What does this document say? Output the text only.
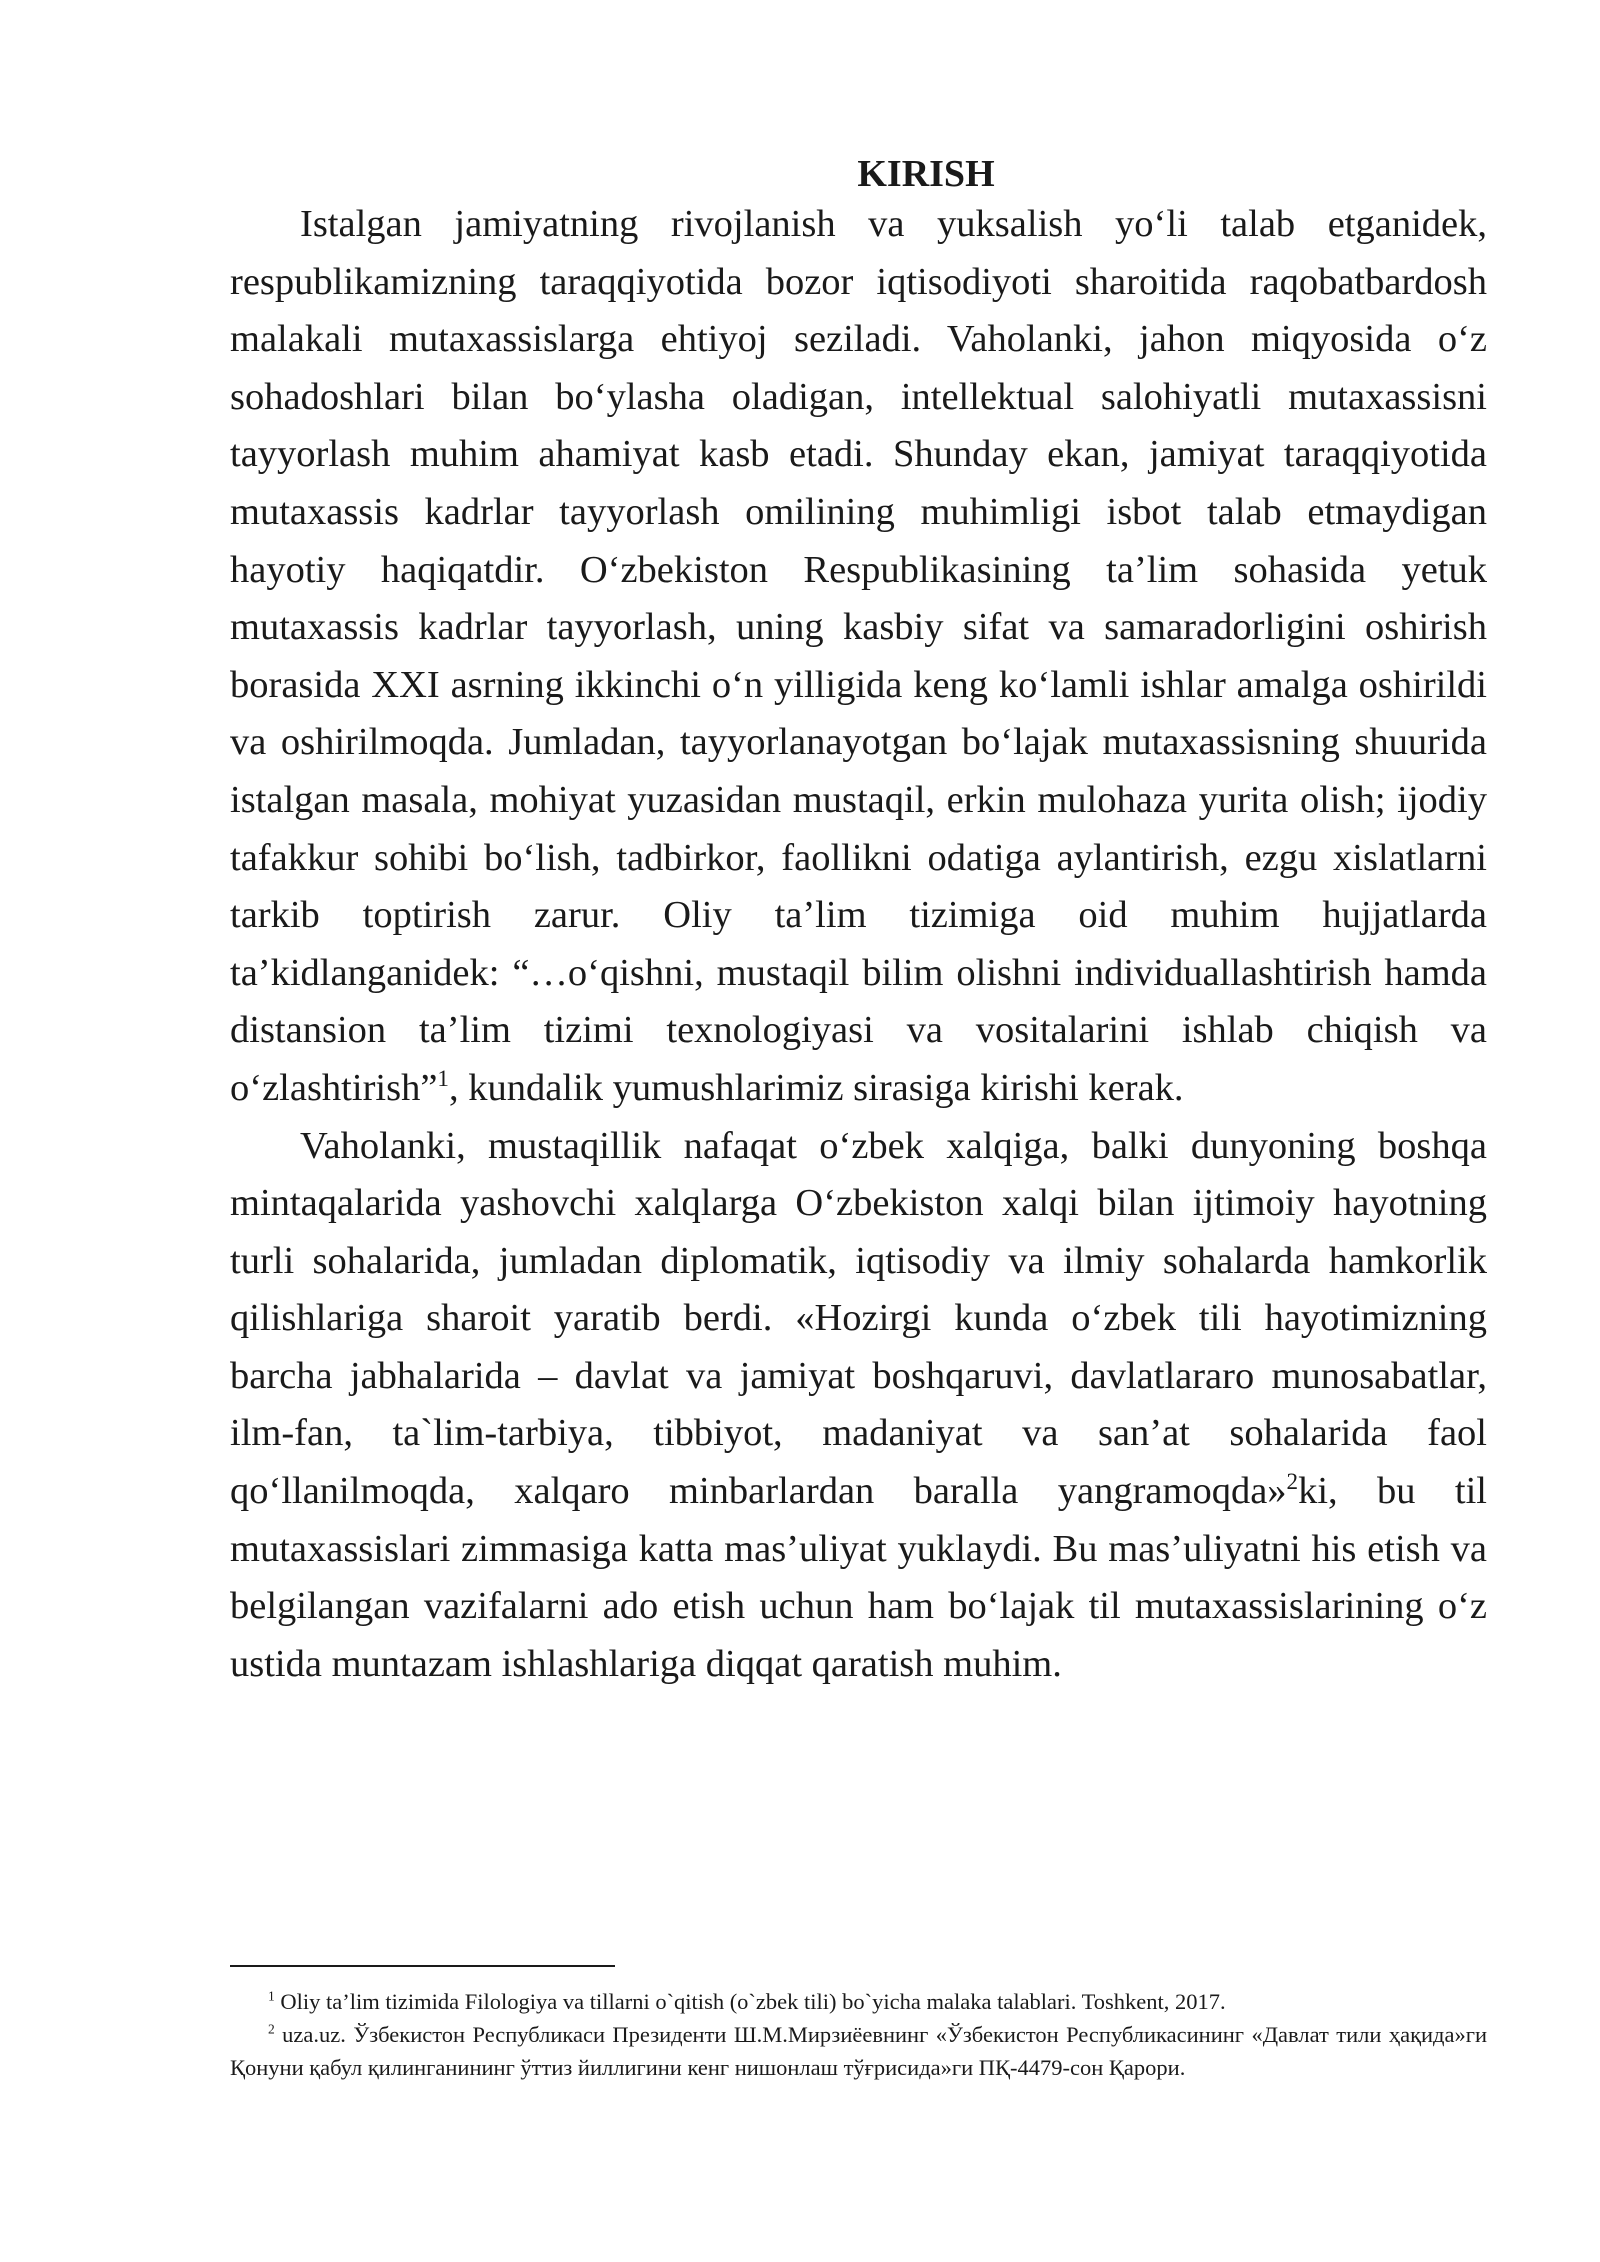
KIRISH

Istalgan jamiyatning rivojlanish va yuksalish yo‘li talab etganidek, respublikamizning taraqqiyotida bozor iqtisodiyoti sharoitida raqobatbardosh malakali mutaxassislarga ehtiyoj seziladi. Vaholanki, jahon miqyosida o‘z sohadoshlari bilan bo‘ylasha oladigan, intellektual salohiyatli mutaxassisni tayyorlash muhim ahamiyat kasb etadi. Shunday ekan, jamiyat taraqqiyotida mutaxassis kadrlar tayyorlash omilining muhimligi isbot talab etmaydigan hayotiy haqiqatdir. O‘zbekiston Respublikasining ta’lim sohasida yetuk mutaxassis kadrlar tayyorlash, uning kasbiy sifat va samaradorligini oshirish borasida XXI asrning ikkinchi o‘n yilligida keng ko‘lamli ishlar amalga oshirildi va oshirilmoqda. Jumladan, tayyorlanayotgan bo‘lajak mutaxassisning shuurida istalgan masala, mohiyat yuzasidan mustaqil, erkin mulohaza yurita olish; ijodiy tafakkur sohibi bo‘lish, tadbirkor, faollikni odatiga aylantirish, ezgu xislatlarni tarkib toptirish zarur. Oliy ta’lim tizimiga oid muhim hujjatlarda ta’kidlanganidek: “…o‘qishni, mustaqil bilim olishni individuallashtirish hamda distansion ta’lim tizimi texnologiyasi va vositalarini ishlab chiqish va o‘zlashtirish”$^1$, kundalik yumushlarimiz sirasiga kirishi kerak.

Vaholanki, mustaqillik nafaqat o‘zbek xalqiga, balki dunyoning boshqa mintaqalarida yashovchi xalqlarga O‘zbekiston xalqi bilan ijtimoiy hayotning turli sohalarida, jumladan diplomatik, iqtisodiy va ilmiy sohalarda hamkorlik qilishlariga sharoit yaratib berdi. «Hozirgi kunda o‘zbek tili hayotimizning barcha jabhalarida – davlat va jamiyat boshqaruvi, davlatlararo munosabatlar, ilm-fan, ta`lim-tarbiya, tibbiyot, madaniyat va san’at sohalarida faol qo‘llanilmoqda, xalqaro minbarlardan baralla yangramoqda»$^2$ki, bu til mutaxassislari zimmasiga katta mas’uliyat yuklaydi. Bu mas’uliyatni his etish va belgilangan vazifalarni ado etish uchun ham bo‘lajak til mutaxassislarining o‘z ustida muntazam ishlashlariga diqqat qaratish muhim.

$^1$ Oliy ta’lim tizimida Filologiya va tillarni o`qitish (o`zbek tili) bo`yicha malaka talablari. Toshkent, 2017.

$^2$ uza.uz. Ўзбекистон Республикаси Президенти Ш.М.Мирзиёевнинг «Ўзбекистон Республикасининг «Давлат тили ҳақида»ги Қонуни қабул қилинганининг ўттиз йиллигини кенг нишонлаш тўғрисида»ги ПҚ-4479-сон Қарори.
